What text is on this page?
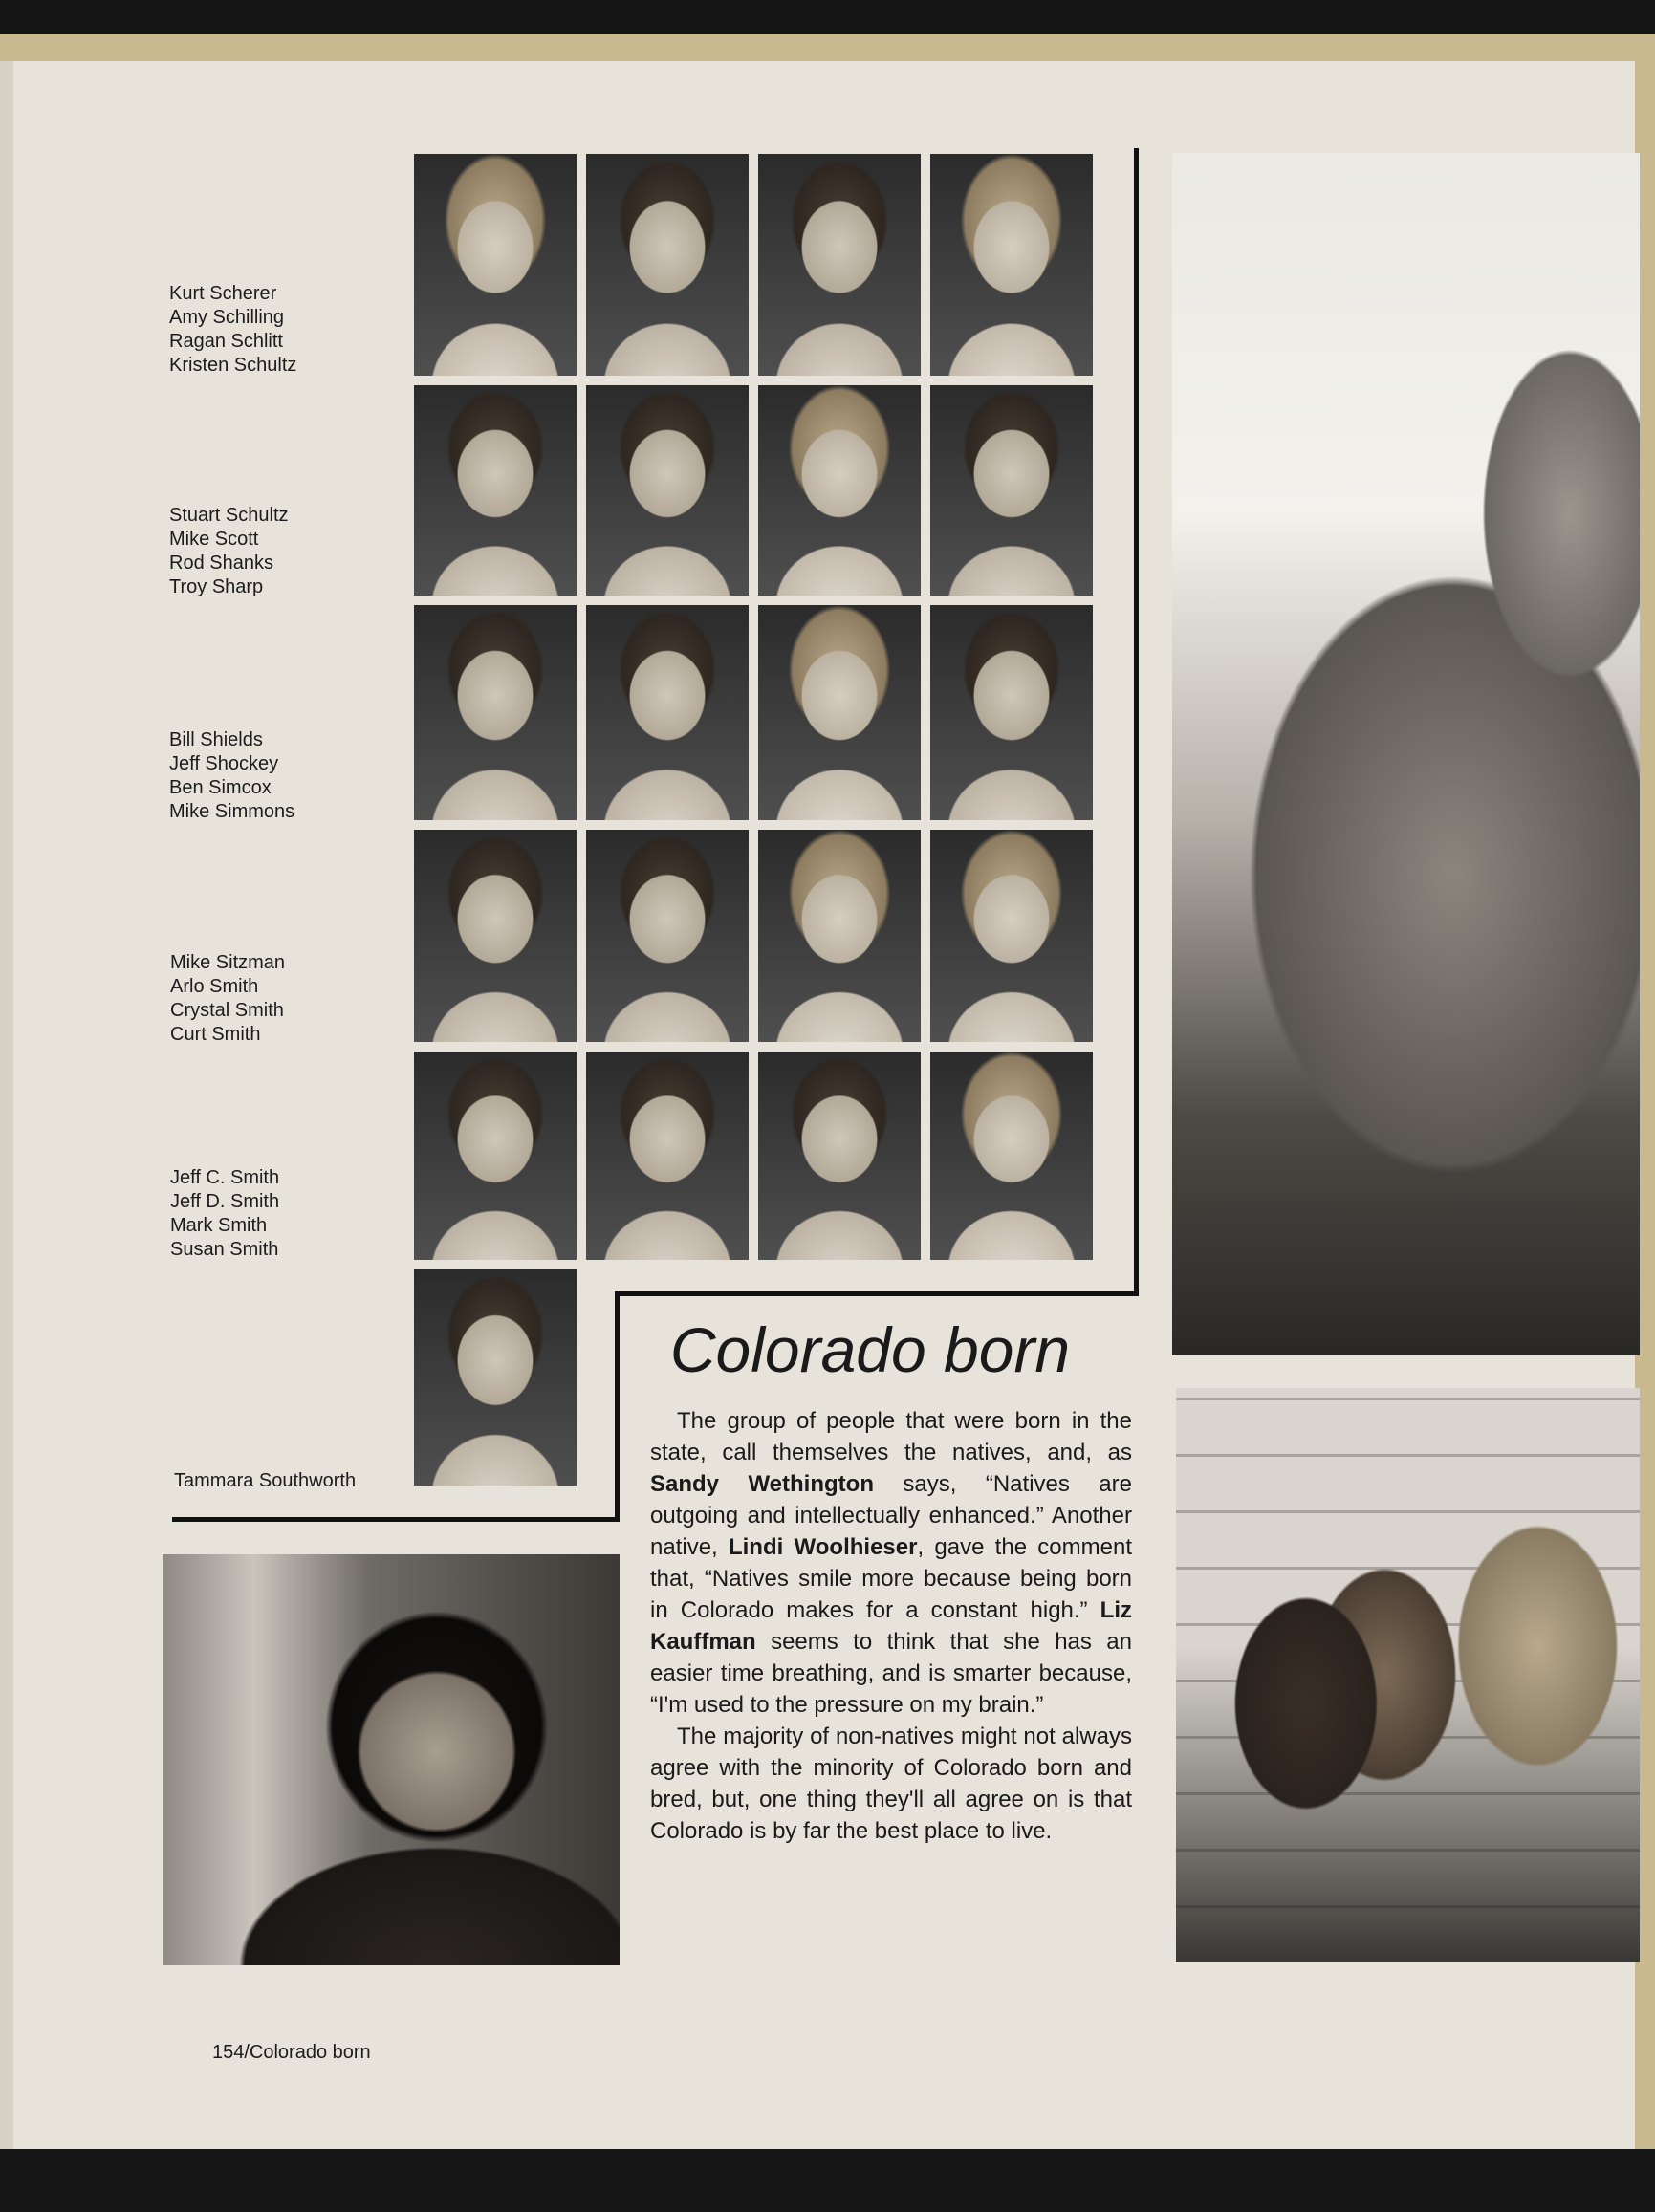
Kurt Scherer
Amy Schilling
Ragan Schlitt
Kristen Schultz
Stuart Schultz
Mike Scott
Rod Shanks
Troy Sharp
Bill Shields
Jeff Shockey
Ben Simcox
Mike Simmons
Mike Sitzman
Arlo Smith
Crystal Smith
Curt Smith
Jeff C. Smith
Jeff D. Smith
Mark Smith
Susan Smith
Tammara Southworth
Colorado born

The group of people that were born in the state, call themselves the natives, and, as Sandy Wethington says, “Natives are outgoing and intellectually enhanced.” Another native, Lindi Woolhieser, gave the comment that, “Natives smile more because being born in Colorado makes for a constant high.” Liz Kauffman seems to think that she has an easier time breathing, and is smarter because, “I'm used to the pressure on my brain.”

The majority of non-natives might not always agree with the minority of Colorado born and bred, but, one thing they'll all agree on is that Colorado is by far the best place to live.

154/Colorado born
